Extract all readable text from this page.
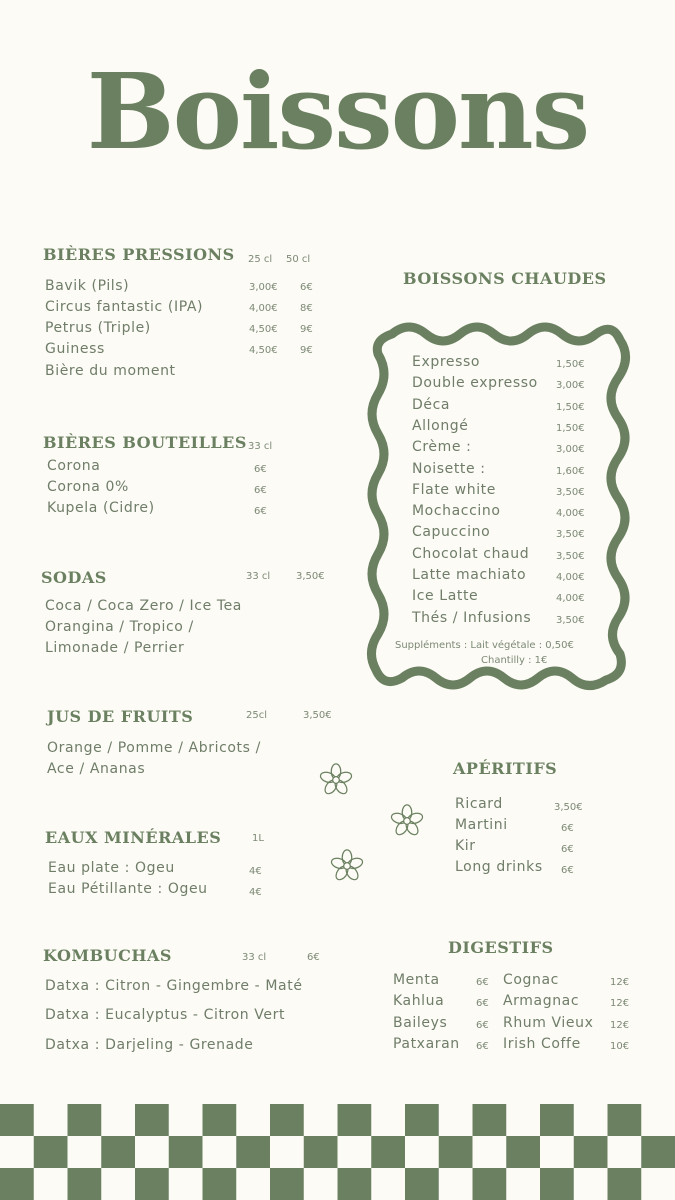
Boissons
BIÈRES PRESSIONS 25 cl 50 cl
Bavik (Pils)	3,00€ 6€
Circus fantastic (IPA)	4,00€ 8€
Petrus (Triple)	4,50€ 9€
Guiness	4,50€ 9€
Bière du moment
BIÈRES BOUTEILLES 33 cl
Corona	6€
Corona 0%	6€
Kupela (Cidre)	6€
SODAS	33 cl	3,50€
Coca / Coca Zero / Ice Tea
Orangina / Tropico /
Limonade / Perrier
JUS DE FRUITS	25cl	3,50€
Orange / Pomme / Abricots /
Ace / Ananas
EAUX MINÉRALES	1L
Eau plate : Ogeu	4€
Eau Pétillante : Ogeu	4€
KOMBUCHAS	33 cl	6€
Datxa : Citron - Gingembre - Maté
Datxa : Eucalyptus - Citron Vert
Datxa : Darjeling - Grenade
BOISSONS CHAUDES
Expresso	1,50€
Double expresso 3,00€
Déca	1,50€
Allongé	1,50€
Crème :	3,00€
Noisette :	1,60€
Flate white	3,50€
Mochaccino	4,00€
Capuccino	3,50€
Chocolat chaud	3,50€
Latte machiato	4,00€
Ice Latte	4,00€
Thés / Infusions 3,50€
Suppléments : Lait végétale : 0,50€
Chantilly : 1€
APÉRITIFS
Ricard	3,50€
Martini	6€
Kir	6€
Long drinks 6€
DIGESTIFS
Menta	6€
Kahlua	6€
Baileys	6€
Patxaran 6€
Cognac	12€
Armagnac	12€
Rhum Vieux 12€
Irish Coffe	10€
